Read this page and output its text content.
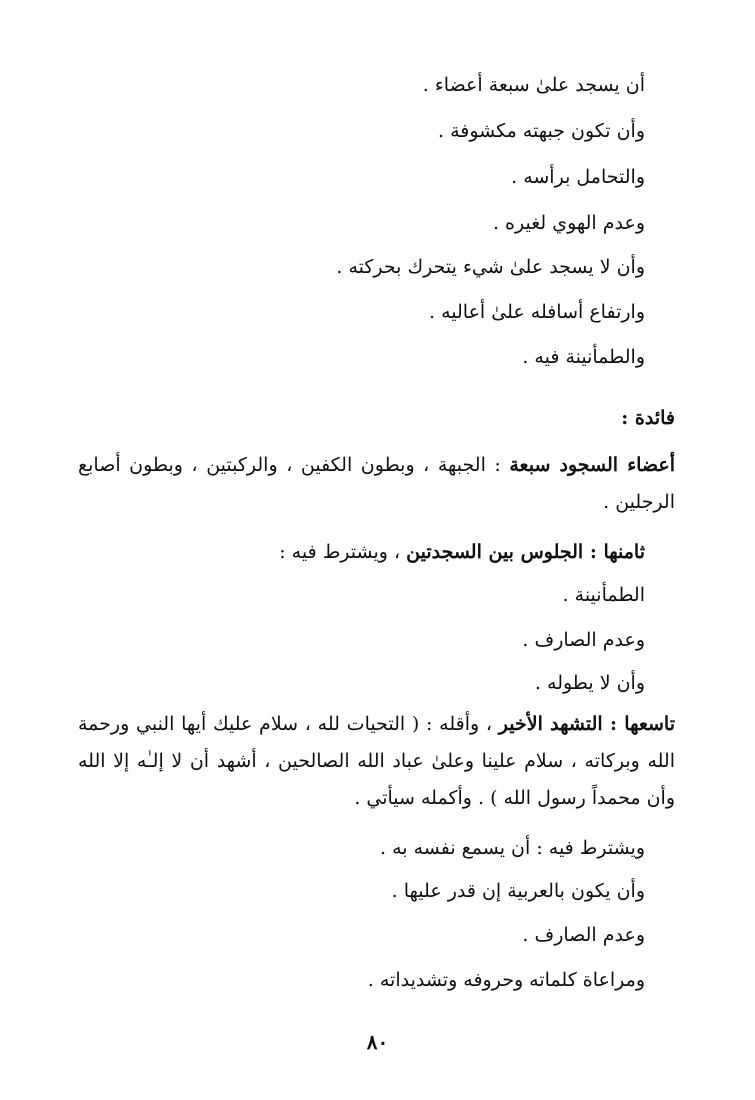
أن يسجد علىٰ سبعة أعضاء .
وأن تكون جبهته مكشوفة .
والتحامل برأسه .
وعدم الهوي لغيره .
وأن لا يسجد علىٰ شيء يتحرك بحركته .
وارتفاع أسافله علىٰ أعاليه .
والطمأنينة فيه .
فائدة :
أعضاء السجود سبعة : الجبهة ، وبطون الكفين ، والركبتين ، وبطون أصابع الرجلين .
ثامنها : الجلوس بين السجدتين ، ويشترط فيه :
الطمأنينة .
وعدم الصارف .
وأن لا يطوله .
تاسعها : التشهد الأخير ، وأقله : ( التحيات لله ، سلام عليك أيها النبي ورحمة الله وبركاته ، سلام علينا وعلىٰ عباد الله الصالحين ، أشهد أن لا إلـٰه إلا الله وأن محمداً رسول الله ) . وأكمله سيأتي .
ويشترط فيه : أن يسمع نفسه به .
وأن يكون بالعربية إن قدر عليها .
وعدم الصارف .
ومراعاة كلماته وحروفه وتشديداته .
٨٠
